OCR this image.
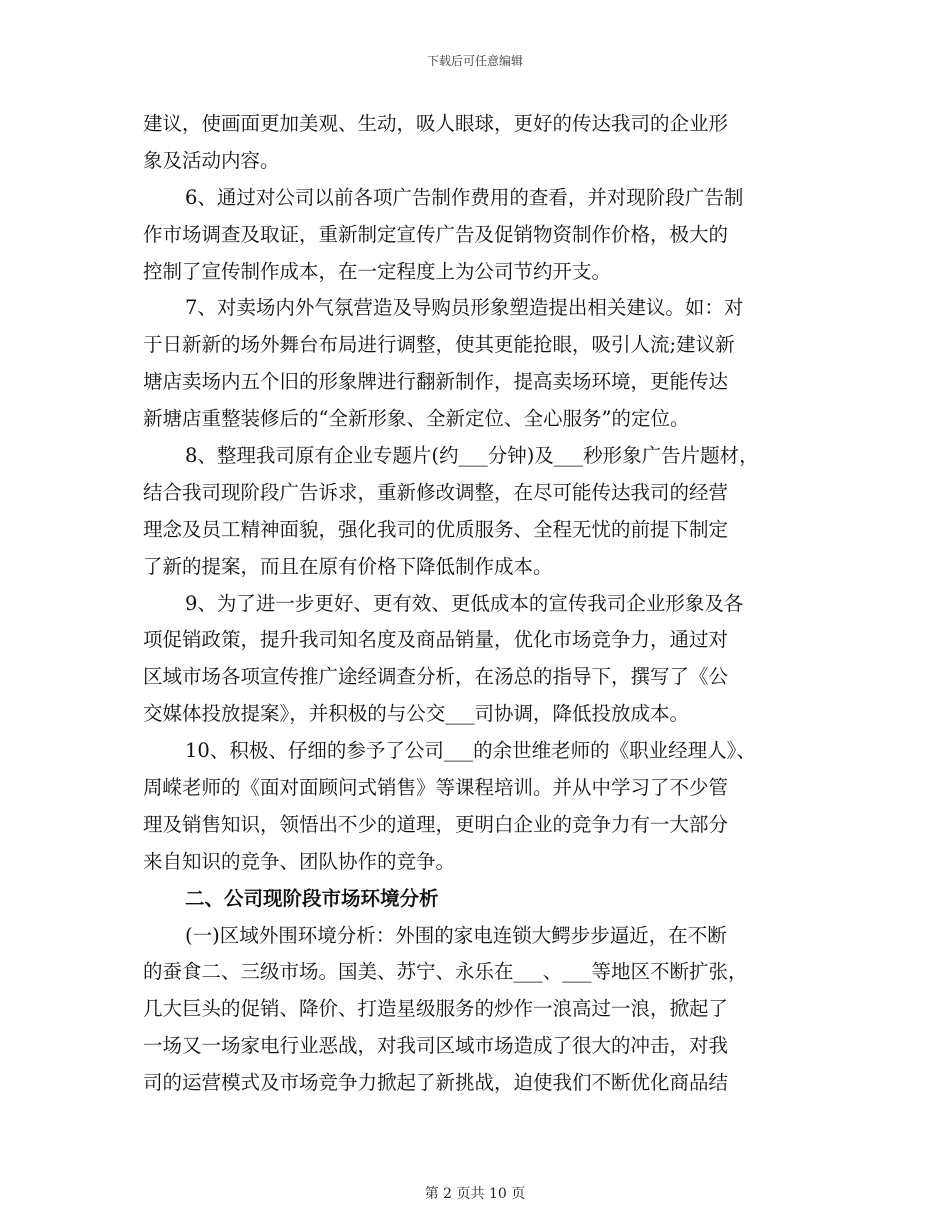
下载后可任意编辑
建议，使画面更加美观、生动，吸人眼球，更好的传达我司的企业形
象及活动内容。
6、通过对公司以前各项广告制作费用的查看，并对现阶段广告制
作市场调查及取证，重新制定宣传广告及促销物资制作价格，极大的
控制了宣传制作成本，在一定程度上为公司节约开支。
7、对卖场内外气氛营造及导购员形象塑造提出相关建议。如：对
于日新新的场外舞台布局进行调整，使其更能抢眼，吸引人流;建议新
塘店卖场内五个旧的形象牌进行翻新制作，提高卖场环境，更能传达
新塘店重整装修后的“全新形象、全新定位、全心服务”的定位。
8、整理我司原有企业专题片(约___分钟)及___秒形象广告片题材，
结合我司现阶段广告诉求，重新修改调整，在尽可能传达我司的经营
理念及员工精神面貌，强化我司的优质服务、全程无忧的前提下制定
了新的提案，而且在原有价格下降低制作成本。
9、为了进一步更好、更有效、更低成本的宣传我司企业形象及各
项促销政策，提升我司知名度及商品销量，优化市场竞争力，通过对
区域市场各项宣传推广途经调查分析，在汤总的指导下，撰写了《公
交媒体投放提案》，并积极的与公交___司协调，降低投放成本。
10、积极、仔细的参予了公司___的余世维老师的《职业经理人》、
周嵘老师的《面对面顾问式销售》等课程培训。并从中学习了不少管
理及销售知识，领悟出不少的道理，更明白企业的竞争力有一大部分
来自知识的竞争、团队协作的竞争。
二、公司现阶段市场环境分析
(一)区域外围环境分析：外围的家电连锁大鳄步步逼近，在不断
的蚕食二、三级市场。国美、苏宁、永乐在___、___等地区不断扩张，
几大巨头的促销、降价、打造星级服务的炒作一浪高过一浪，掀起了
一场又一场家电行业恶战，对我司区域市场造成了很大的冲击，对我
司的运营模式及市场竞争力掀起了新挑战，迫使我们不断优化商品结
第 2 页共 10 页
